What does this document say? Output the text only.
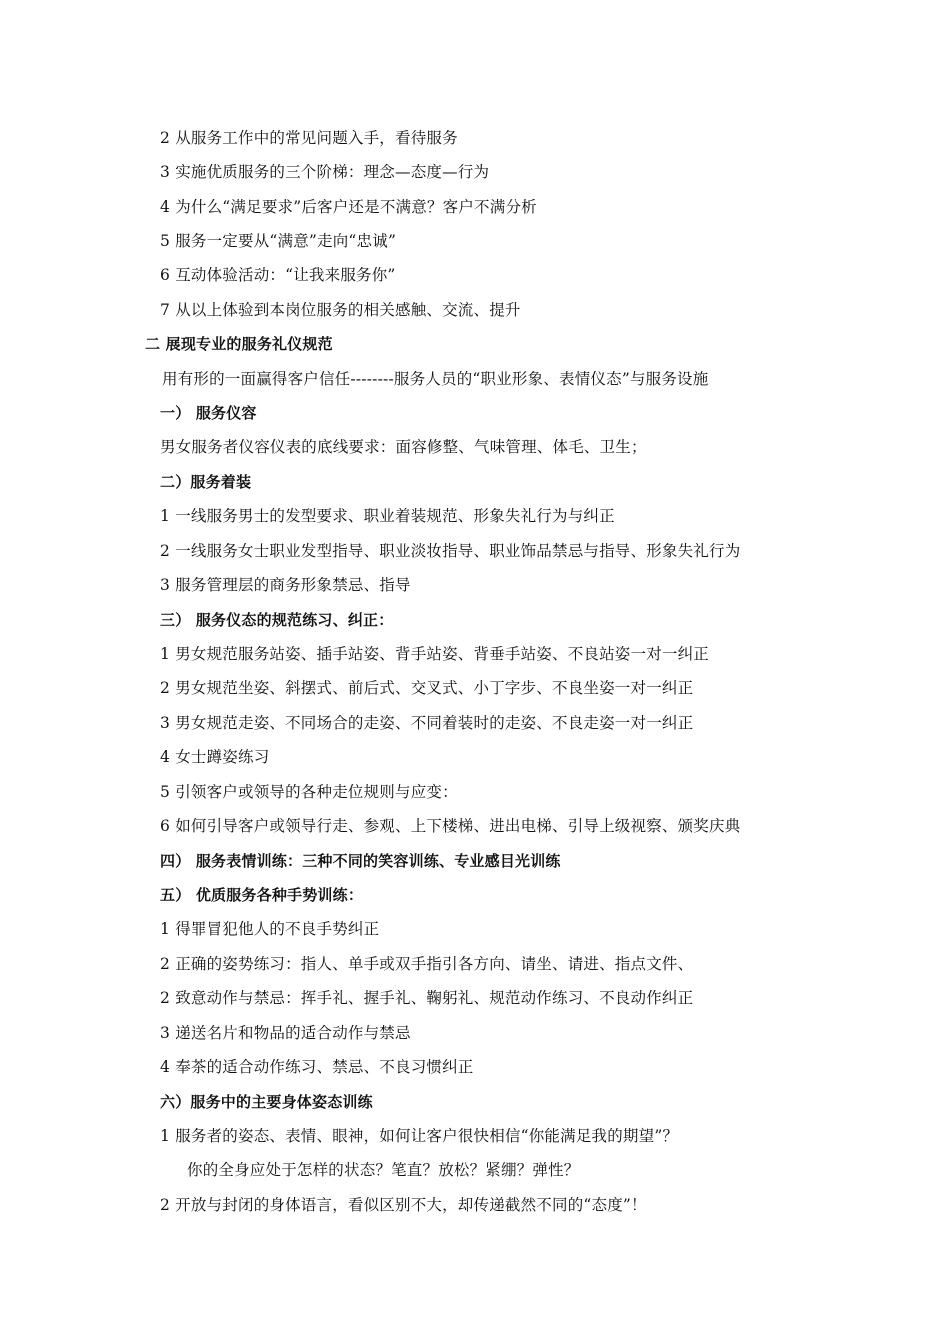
2 从服务工作中的常见问题入手，看待服务
3 实施优质服务的三个阶梯：理念—态度—行为
4 为什么“满足要求”后客户还是不满意？客户不满分析
5 服务一定要从“满意”走向“忠诚”
6 互动体验活动：“让我来服务你”
7 从以上体验到本岗位服务的相关感触、交流、提升
二 展现专业的服务礼仪规范
用有形的一面赢得客户信任--------服务人员的“职业形象、表情仪态”与服务设施
一） 服务仪容
男女服务者仪容仪表的底线要求：面容修整、气味管理、体毛、卫生；
二）服务着装
1 一线服务男士的发型要求、职业着装规范、形象失礼行为与纠正
2 一线服务女士职业发型指导、职业淡妆指导、职业饰品禁忌与指导、形象失礼行为
3 服务管理层的商务形象禁忌、指导
三） 服务仪态的规范练习、纠正：
1 男女规范服务站姿、插手站姿、背手站姿、背垂手站姿、不良站姿一对一纠正
2 男女规范坐姿、斜摆式、前后式、交叉式、小丁字步、不良坐姿一对一纠正
3 男女规范走姿、不同场合的走姿、不同着装时的走姿、不良走姿一对一纠正
4 女士蹲姿练习
5 引领客户或领导的各种走位规则与应变：
6 如何引导客户或领导行走、参观、上下楼梯、进出电梯、引导上级视察、颁奖庆典
四） 服务表情训练：三种不同的笑容训练、专业感目光训练
五） 优质服务各种手势训练：
1 得罪冒犯他人的不良手势纠正
2 正确的姿势练习：指人、单手或双手指引各方向、请坐、请进、指点文件、
2 致意动作与禁忌：挥手礼、握手礼、鞠躬礼、规范动作练习、不良动作纠正
3 递送名片和物品的适合动作与禁忌
4 奉茶的适合动作练习、禁忌、不良习惯纠正
六）服务中的主要身体姿态训练
1 服务者的姿态、表情、眼神，如何让客户很快相信“你能满足我的期望”？
你的全身应处于怎样的状态？笔直？放松？紧绷？弹性？
2 开放与封闭的身体语言，看似区别不大，却传递截然不同的“态度”！
